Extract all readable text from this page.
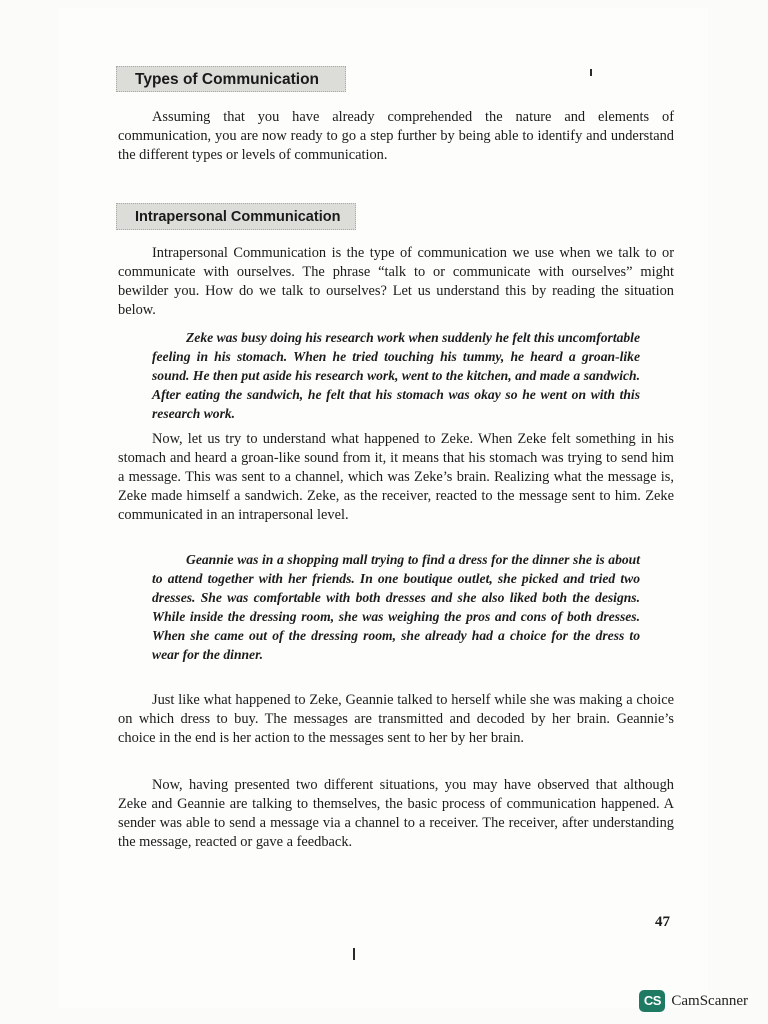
Types of Communication

Assuming that you have already comprehended the nature and elements of communication, you are now ready to go a step further by being able to identify and understand the different types or levels of communication.

Intrapersonal Communication

Intrapersonal Communication is the type of communication we use when we talk to or communicate with ourselves. The phrase “talk to or communicate with ourselves” might bewilder you. How do we talk to ourselves? Let us understand this by reading the situation below.

Zeke was busy doing his research work when suddenly he felt this uncomfortable feeling in his stomach. When he tried touching his tummy, he heard a groan-like sound. He then put aside his research work, went to the kitchen, and made a sandwich. After eating the sandwich, he felt that his stomach was okay so he went on with this research work.

Now, let us try to understand what happened to Zeke. When Zeke felt something in his stomach and heard a groan-like sound from it, it means that his stomach was trying to send him a message. This was sent to a channel, which was Zeke’s brain. Realizing what the message is, Zeke made himself a sandwich. Zeke, as the receiver, reacted to the message sent to him. Zeke communicated in an intrapersonal level.

Geannie was in a shopping mall trying to find a dress for the dinner she is about to attend together with her friends. In one boutique outlet, she picked and tried two dresses. She was comfortable with both dresses and she also liked both the designs. While inside the dressing room, she was weighing the pros and cons of both dresses. When she came out of the dressing room, she already had a choice for the dress to wear for the dinner.

Just like what happened to Zeke, Geannie talked to herself while she was making a choice on which dress to buy. The messages are transmitted and decoded by her brain. Geannie’s choice in the end is her action to the messages sent to her by her brain.

Now, having presented two different situations, you may have observed that although Zeke and Geannie are talking to themselves, the basic process of communication happened. A sender was able to send a message via a channel to a receiver. The receiver, after understanding the message, reacted or gave a feedback.

47
CS CamScanner
